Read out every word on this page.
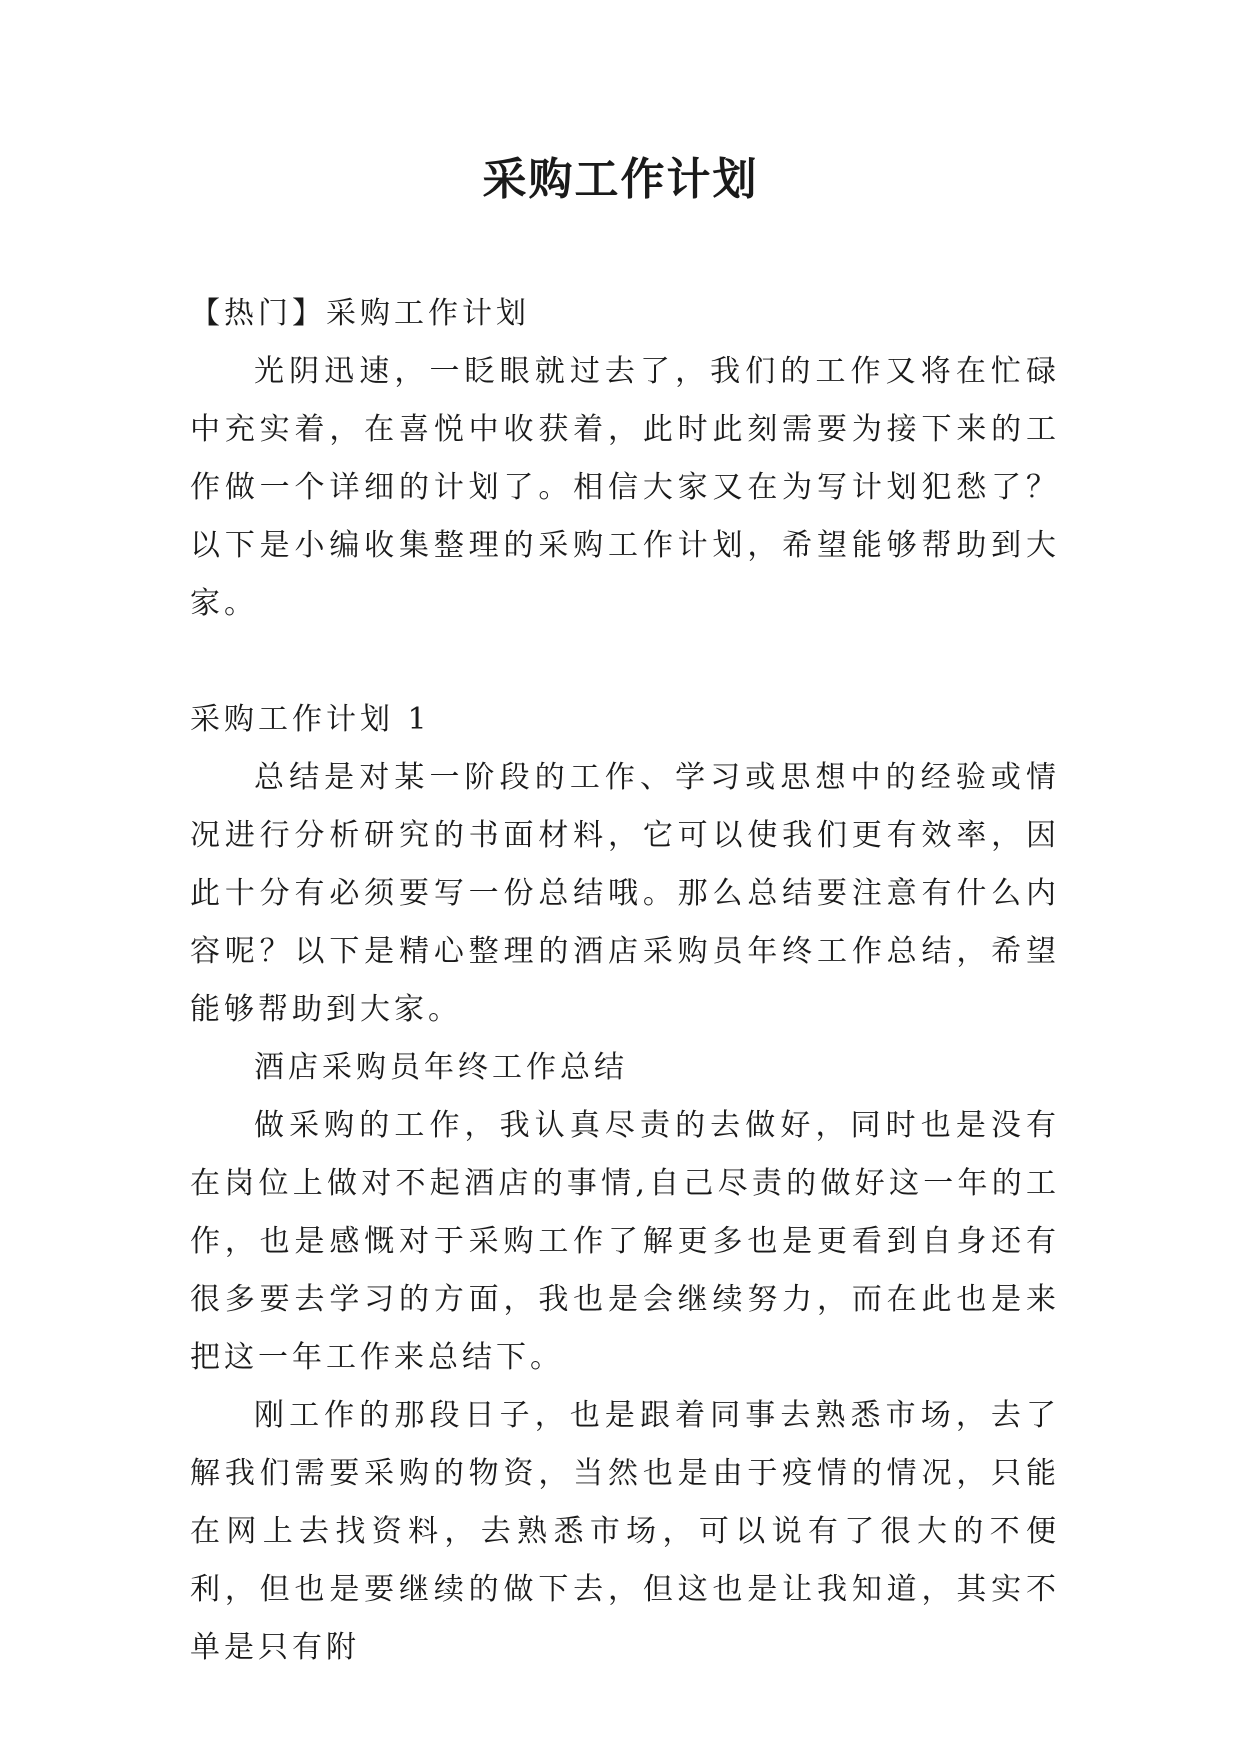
采购工作计划

【热门】采购工作计划

光阴迅速，一眨眼就过去了，我们的工作又将在忙碌中充实着，在喜悦中收获着，此时此刻需要为接下来的工作做一个详细的计划了。相信大家又在为写计划犯愁了？以下是小编收集整理的采购工作计划，希望能够帮助到大家。

采购工作计划 1

总结是对某一阶段的工作、学习或思想中的经验或情况进行分析研究的书面材料，它可以使我们更有效率，因此十分有必须要写一份总结哦。那么总结要注意有什么内容呢？以下是精心整理的酒店采购员年终工作总结，希望能够帮助到大家。

酒店采购员年终工作总结

做采购的工作，我认真尽责的去做好，同时也是没有在岗位上做对不起酒店的事情,自己尽责的做好这一年的工作，也是感慨对于采购工作了解更多也是更看到自身还有很多要去学习的方面，我也是会继续努力，而在此也是来把这一年工作来总结下。

刚工作的那段日子，也是跟着同事去熟悉市场，去了解我们需要采购的物资，当然也是由于疫情的情况，只能在网上去找资料，去熟悉市场，可以说有了很大的不便利，但也是要继续的做下去，但这也是让我知道，其实不单是只有附
